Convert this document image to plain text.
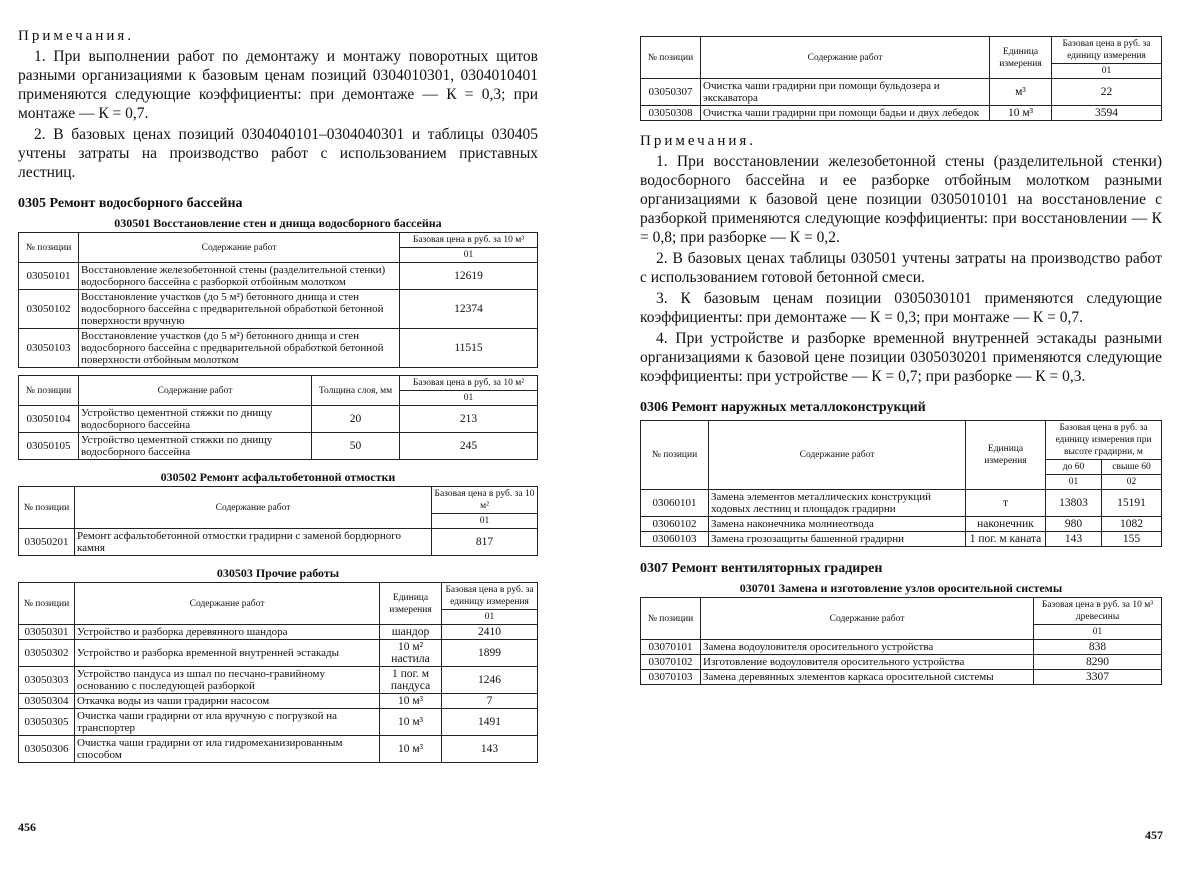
Примечания.

1. При выполнении работ по демонтажу и монтажу поворотных щитов разными организациями к базовым ценам позиций 0304010301, 0304010401 применяются следующие коэффициенты: при демонтаже — К = 0,3; при монтаже — К = 0,7.

2. В базовых ценах позиций 0304040101–0304040301 и таблицы 030405 учтены затраты на производство работ с использованием приставных лестниц.

0305 Ремонт водосборного бассейна
030501 Восстановление стен и днища водосборного бассейна
№ позиции	Содержание работ	Базовая цена в руб. за 10 м³
		01
03050101	Восстановление железобетонной стены (разделительной стенки) водосборного бассейна с разборкой отбойным молотком	12619
03050102	Восстановление участков (до 5 м²) бетонного днища и стен водосборного бассейна с предварительной обработкой бетонной поверхности вручную	12374
03050103	Восстановление участков (до 5 м²) бетонного днища и стен водосборного бассейна с предварительной обработкой бетонной поверхности отбойным молотком	11515
№ позиции	Содержание работ	Толщина слоя, мм	Базовая цена в руб. за 10 м²
			01
03050104	Устройство цементной стяжки по днищу водосборного бассейна	20	213
03050105	Устройство цементной стяжки по днищу водосборного бассейна	50	245
030502 Ремонт асфальтобетонной отмостки
№ позиции	Содержание работ	Базовая цена в руб. за 10 м²
		01
03050201	Ремонт асфальтобетонной отмостки градирни с заменой бордюрного камня	817
030503 Прочие работы
№ позиции	Содержание работ	Единица измерения	Базовая цена в руб. за единицу измерения
			01
03050301	Устройство и разборка деревянного шандора	шандор	2410
03050302	Устройство и разборка временной внутренней эстакады	10 м² настила	1899
03050303	Устройство пандуса из шпал по песчано-гравийному основанию с последующей разборкой	1 пог. м пандуса	1246
03050304	Откачка воды из чаши градирни насосом	10 м³	7
03050305	Очистка чаши градирни от ила вручную с погрузкой на транспортер	10 м³	1491
03050306	Очистка чаши градирни от ила гидромеханизированным способом	10 м³	143
456
№ позиции	Содержание работ	Единица измерения	Базовая цена в руб. за единицу измерения
			01
03050307	Очистка чаши градирни при помощи бульдозера и экскаватора	м³	22
03050308	Очистка чаши градирни при помощи бадьи и двух лебедок	10 м³	3594
Примечания.

1. При восстановлении железобетонной стены (разделительной стенки) водосборного бассейна и ее разборке отбойным молотком разными организациями к базовой цене позиции 0305010101 на восстановление с разборкой применяются следующие коэффициенты: при восстановлении — К = 0,8; при разборке — К = 0,2.

2. В базовых ценах таблицы 030501 учтены затраты на производство работ с использованием готовой бетонной смеси.

3. К базовым ценам позиции 0305030101 применяются следующие коэффициенты: при демонтаже — К = 0,3; при монтаже — К = 0,7.

4. При устройстве и разборке временной внутренней эстакады разными организациями к базовой цене позиции 0305030201 применяются следующие коэффициенты: при устройстве — К = 0,7; при разборке — К = 0,3.

0306 Ремонт наружных металлоконструкций
№ позиции	Содержание работ	Единица измерения	Базовая цена в руб. за единицу измерения при высоте градирни, м	
			до 60	свыше 60
			01	02
03060101	Замена элементов металлических конструкций ходовых лестниц и площадок градирни	т	13803	15191
03060102	Замена наконечника молниеотвода	наконечник	980	1082
03060103	Замена грозозащиты башенной градирни	1 пог. м каната	143	155
0307 Ремонт вентиляторных градирен
030701 Замена и изготовление узлов оросительной системы
№ позиции	Содержание работ	Базовая цена в руб. за 10 м³ древесины
		01
03070101	Замена водоуловителя оросительного устройства	838
03070102	Изготовление водоуловителя оросительного устройства	8290
03070103	Замена деревянных элементов каркаса оросительной системы	3307
457
